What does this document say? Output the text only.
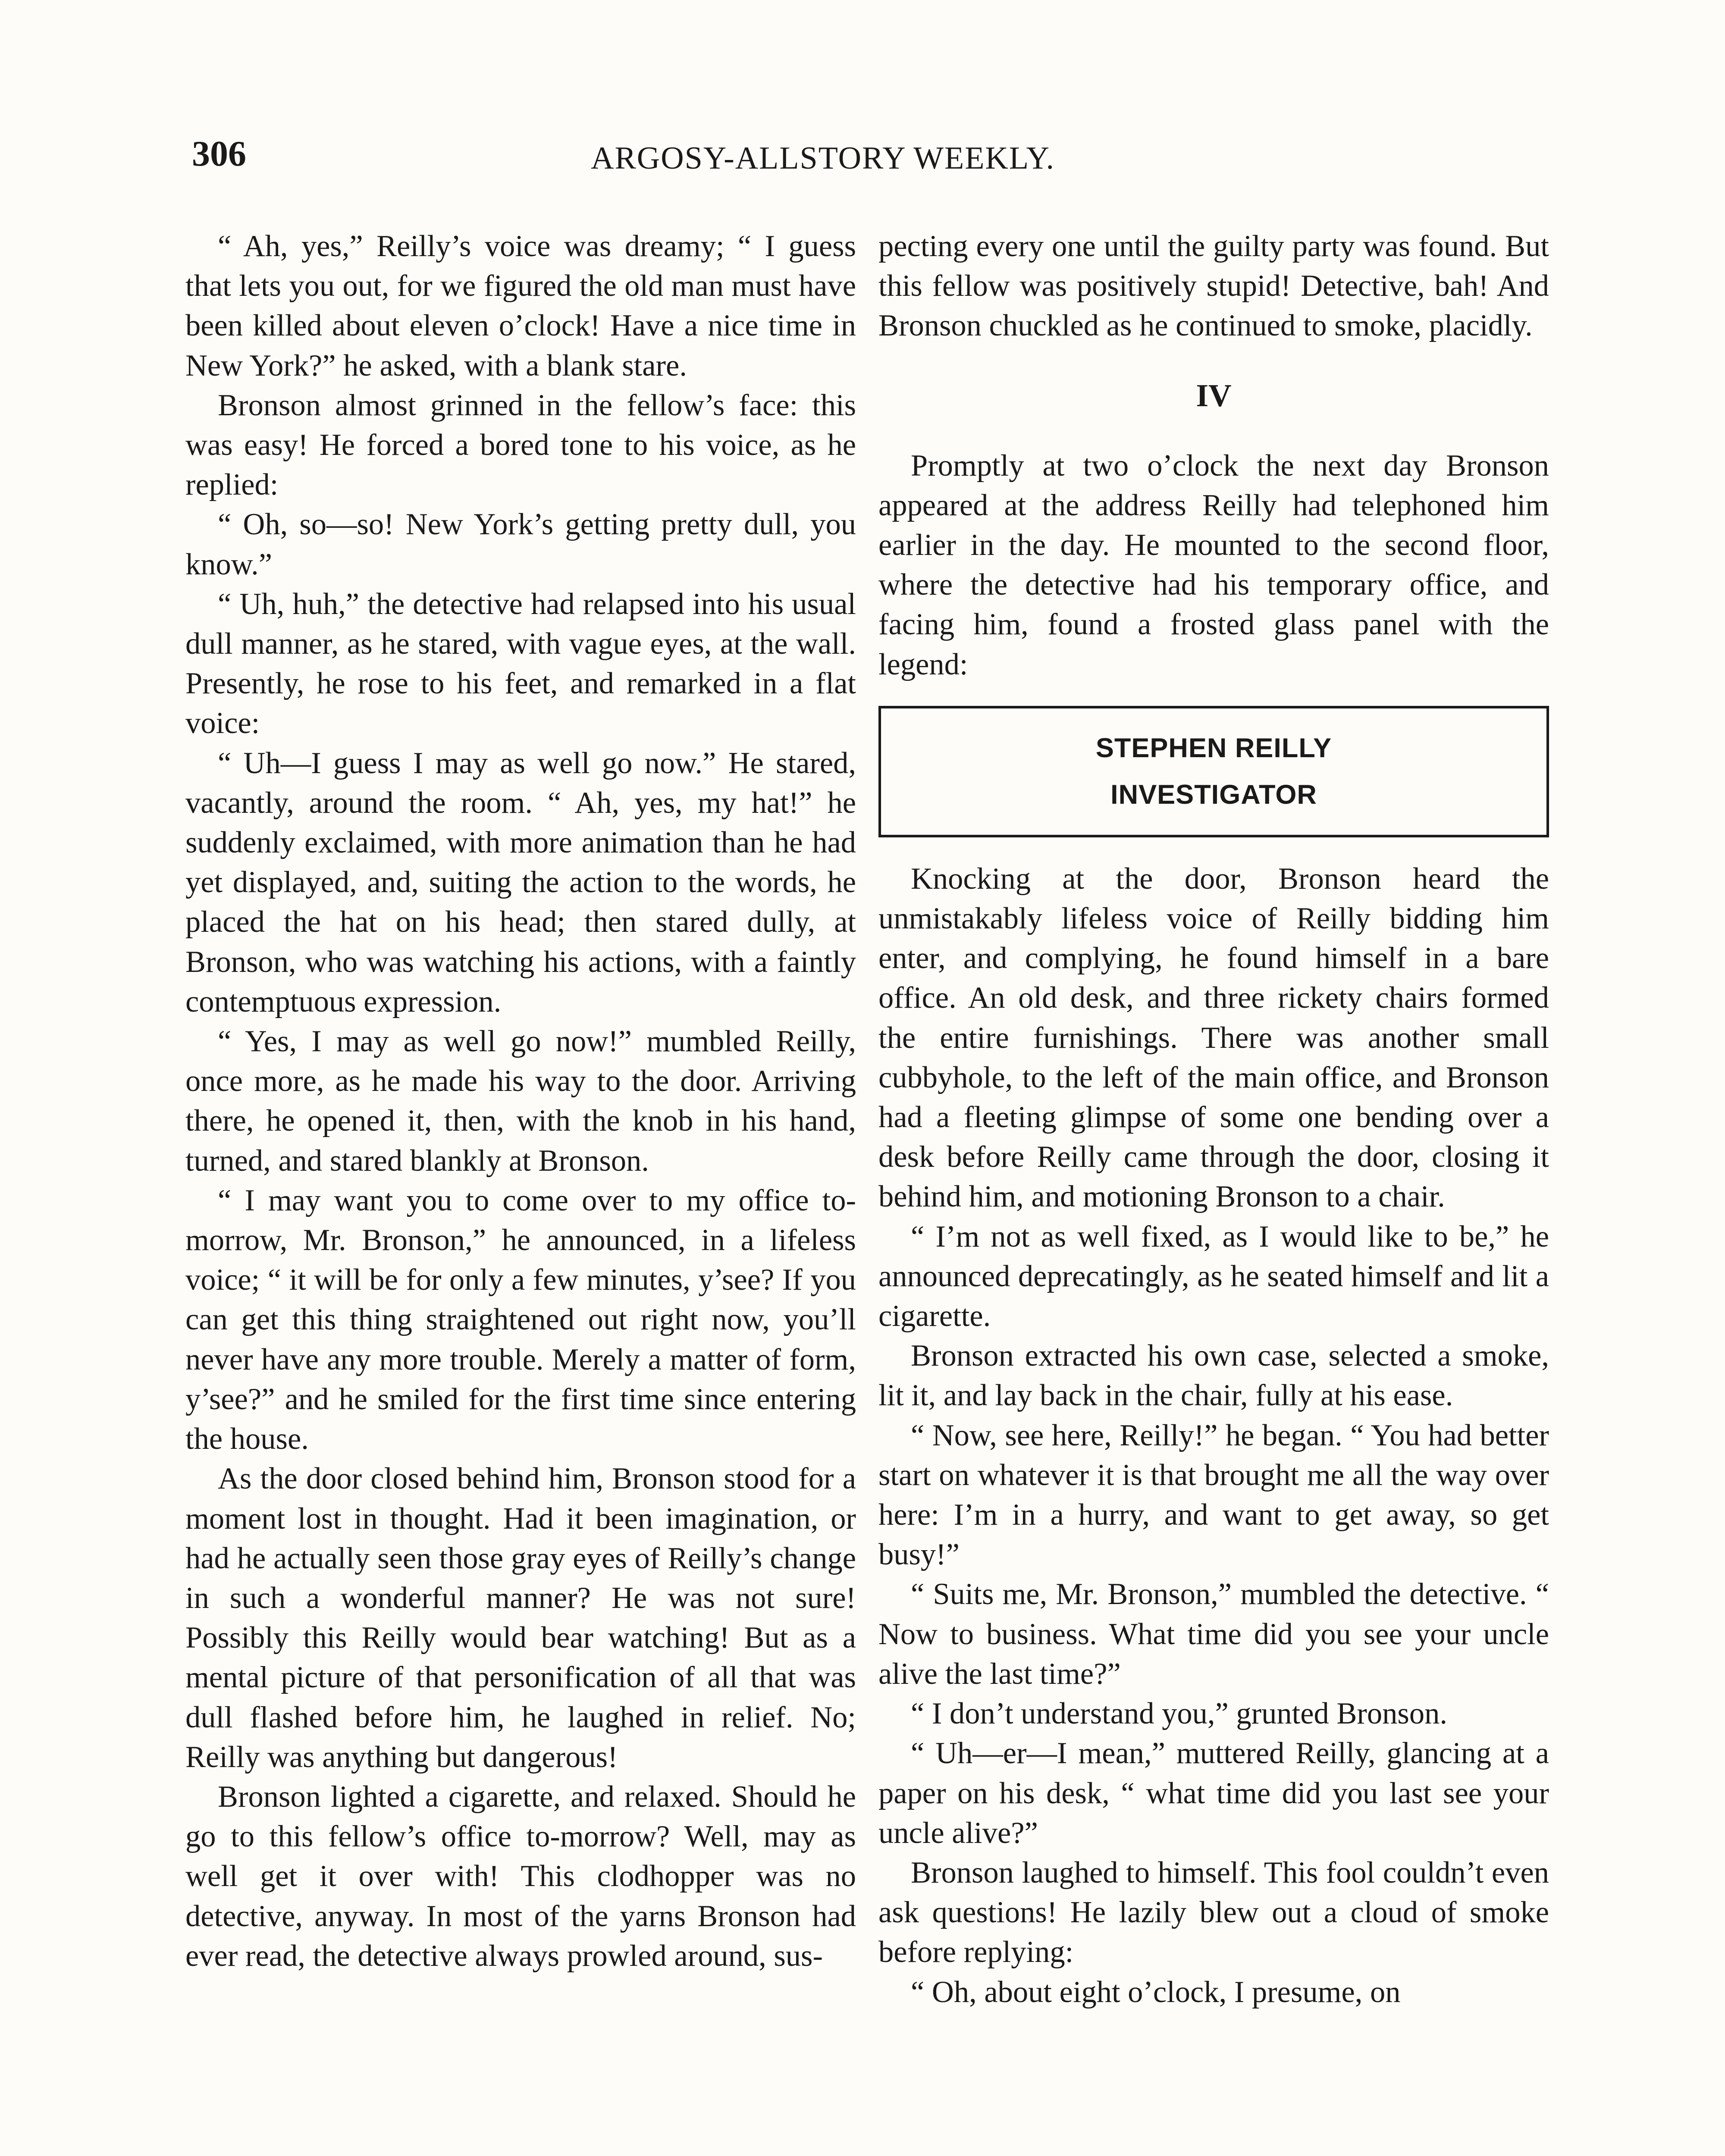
306	ARGOSY-ALLSTORY WEEKLY.

“ Ah, yes,” Reilly’s voice was dreamy; “ I guess that lets you out, for we figured the old man must have been killed about eleven o’clock! Have a nice time in New York?” he asked, with a blank stare.

Bronson almost grinned in the fellow’s face: this was easy! He forced a bored tone to his voice, as he replied:

“ Oh, so—so! New York’s getting pretty dull, you know.”

“ Uh, huh,” the detective had relapsed into his usual dull manner, as he stared, with vague eyes, at the wall. Presently, he rose to his feet, and remarked in a flat voice:

“ Uh—I guess I may as well go now.” He stared, vacantly, around the room. “ Ah, yes, my hat!” he suddenly exclaimed, with more animation than he had yet displayed, and, suiting the action to the words, he placed the hat on his head; then stared dully, at Bronson, who was watching his actions, with a faintly contemptuous expression.

“ Yes, I may as well go now!” mumbled Reilly, once more, as he made his way to the door. Arriving there, he opened it, then, with the knob in his hand, turned, and stared blankly at Bronson.

“ I may want you to come over to my office to-morrow, Mr. Bronson,” he announced, in a lifeless voice; “ it will be for only a few minutes, y’see? If you can get this thing straightened out right now, you’ll never have any more trouble. Merely a matter of form, y’see?” and he smiled for the first time since entering the house.

As the door closed behind him, Bronson stood for a moment lost in thought. Had it been imagination, or had he actually seen those gray eyes of Reilly’s change in such a wonderful manner? He was not sure! Possibly this Reilly would bear watching! But as a mental picture of that personification of all that was dull flashed before him, he laughed in relief. No; Reilly was anything but dangerous!

Bronson lighted a cigarette, and relaxed. Should he go to this fellow’s office to-morrow? Well, may as well get it over with! This clodhopper was no detective, anyway. In most of the yarns Bronson had ever read, the detective always prowled around, sus-

pecting every one until the guilty party was found. But this fellow was positively stupid! Detective, bah! And Bronson chuckled as he continued to smoke, placidly.

IV

Promptly at two o’clock the next day Bronson appeared at the address Reilly had telephoned him earlier in the day. He mounted to the second floor, where the detective had his temporary office, and facing him, found a frosted glass panel with the legend:

STEPHEN REILLY
INVESTIGATOR

Knocking at the door, Bronson heard the unmistakably lifeless voice of Reilly bidding him enter, and complying, he found himself in a bare office. An old desk, and three rickety chairs formed the entire furnishings. There was another small cubbyhole, to the left of the main office, and Bronson had a fleeting glimpse of some one bending over a desk before Reilly came through the door, closing it behind him, and motioning Bronson to a chair.

“ I’m not as well fixed, as I would like to be,” he announced deprecatingly, as he seated himself and lit a cigarette.

Bronson extracted his own case, selected a smoke, lit it, and lay back in the chair, fully at his ease.

“ Now, see here, Reilly!” he began. “ You had better start on whatever it is that brought me all the way over here: I’m in a hurry, and want to get away, so get busy!”

“ Suits me, Mr. Bronson,” mumbled the detective. “ Now to business. What time did you see your uncle alive the last time?”

“ I don’t understand you,” grunted Bronson.

“ Uh—er—I mean,” muttered Reilly, glancing at a paper on his desk, “ what time did you last see your uncle alive?”

Bronson laughed to himself. This fool couldn’t even ask questions! He lazily blew out a cloud of smoke before replying:

“ Oh, about eight o’clock, I presume, on
